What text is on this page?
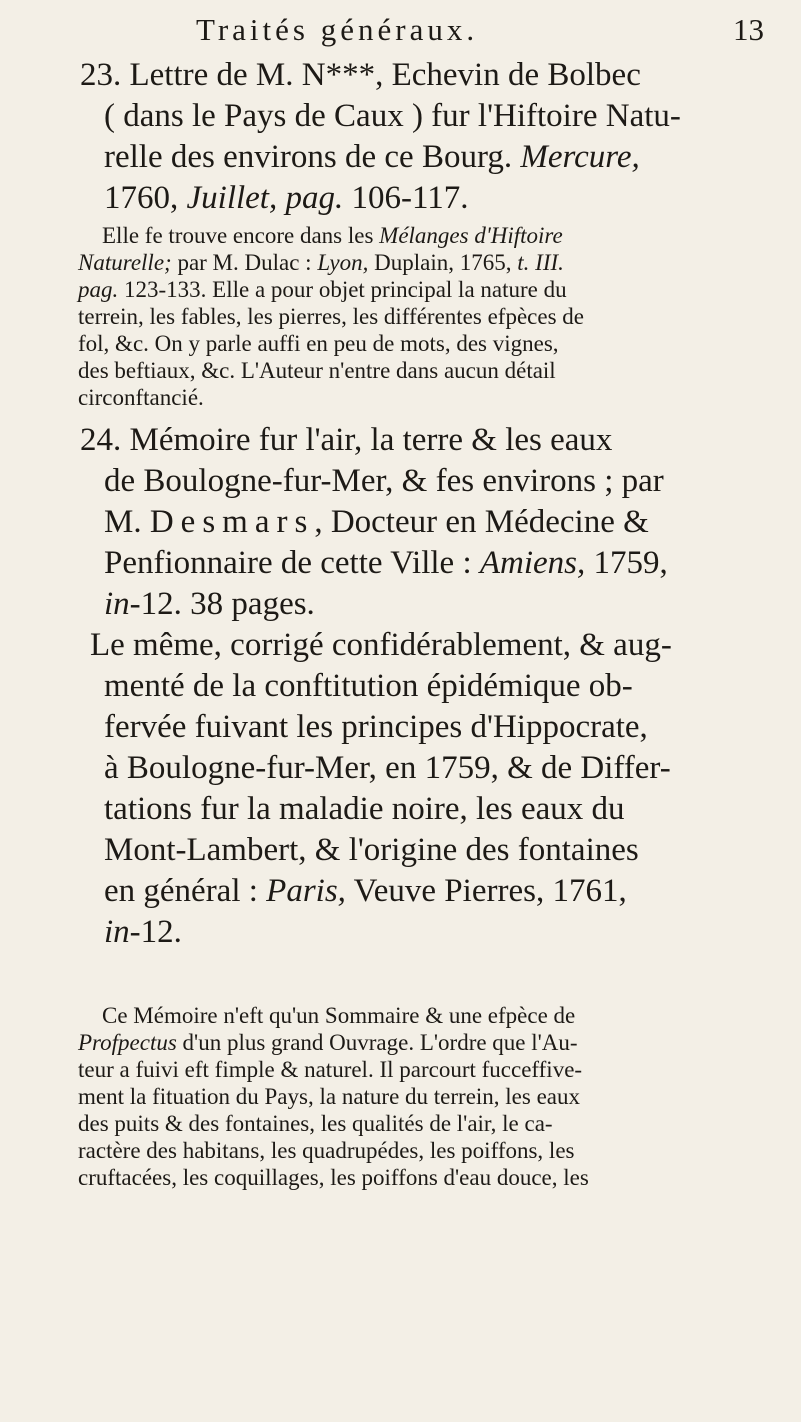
Traités généraux.	13
23. Lettre de M. N***, Echevin de Bolbec
( dans le Pays de Caux ) fur l'Hiftoire Natu-
relle des environs de ce Bourg. Mercure,
1760, Juillet, pag. 106-117.
Elle fe trouve encore dans les Mélanges d'Hiftoire
Naturelle; par M. Dulac : Lyon, Duplain, 1765, t. III.
pag. 123-133. Elle a pour objet principal la nature du
terrein, les fables, les pierres, les différentes efpèces de
fol, &c. On y parle auffi en peu de mots, des vignes,
des beftiaux, &c. L'Auteur n'entre dans aucun détail
circonftancié.
24. Mémoire fur l'air, la terre & les eaux
de Boulogne-fur-Mer, & fes environs ; par
M. Desmars, Docteur en Médecine &
Penfionnaire de cette Ville : Amiens, 1759,
in-12. 38 pages.
Le même, corrigé confidérablement, & aug-
menté de la conftitution épidémique ob-
fervée fuivant les principes d'Hippocrate,
à Boulogne-fur-Mer, en 1759, & de Differ-
tations fur la maladie noire, les eaux du
Mont-Lambert, & l'origine des fontaines
en général : Paris, Veuve Pierres, 1761,
in-12.
Ce Mémoire n'eft qu'un Sommaire & une efpèce de
Profpectus d'un plus grand Ouvrage. L'ordre que l'Au-
teur a fuivi eft fimple & naturel. Il parcourt fucceffive-
ment la fituation du Pays, la nature du terrein, les eaux
des puits & des fontaines, les qualités de l'air, le ca-
ractère des habitans, les quadrupédes, les poiffons, les
cruftacées, les coquillages, les poiffons d'eau douce, les
